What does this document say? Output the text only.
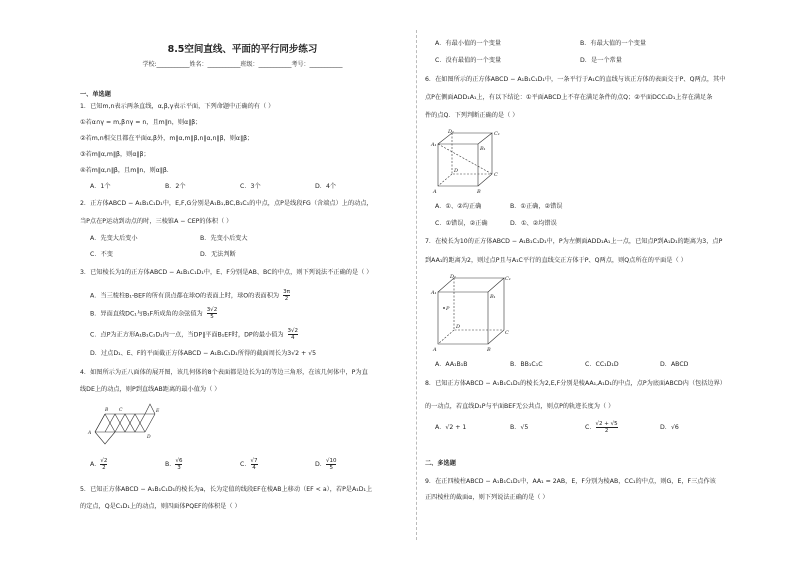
8.5空间直线、平面的平行同步练习
学校:___________姓名：___________班级：___________考号：___________
一、单选题
1．已知m,n表示两条直线，α,β,γ表示平面，下列命题中正确的有（ ）
①若α∩γ = m,β∩γ = n，且m∥n，则α∥β；
②若m,n相交且都在平面α,β外，m∥α,m∥β,n∥α,n∥β，则α∥β；
③若m∥α,m∥β，则α∥β；
④若m∥α,n∥β，且m∥n，则α∥β．
A．1个	B．2个	C．3个	D．4个
2．正方体ABCD − A₁B₁C₁D₁中，E,F,G分别是A₁B₁,BC,B₁C₁的中点，点P是线段FG（含端点）上的动点，
当P点在P运动到动点的时，三棱锥A − CEP的体积（ ）
A．先变大后变小	B．先变小后变大
C．不变	D．无法判断
3．已知棱长为1的正方体ABCD − A₁B₁C₁D₁中，E、F分别是AB、BC的中点，则下列说法不正确的是（ ）
A．当三棱柱B₁-BEF的所有顶点都在球O的表面上时，球O的表面积为 $\frac{3\pi}{2}$
B．异面直线DC₁与B₁F所成角的余弦值为 $\frac{3√2}{5}$
C．点P为正方形A₁B₁C₁D₁内一点，当DP∥平面B₁EF时，DP的最小值为 $\frac{3√2}{4}$
D．过点D₁、E、F的平面截正方体ABCD − A₁B₁C₁D₁所得的截面周长为3√2 + √5
4．如图所示为正八面体的展开图，该几何体的8个表面都是边长为1的等边三角形，在该几何体中，P为直
线DE上的动点，则P到直线AB距离的最小值为（ ）
A
B C
D
E
A． $\frac{√2}{2}$	B． $\frac{√6}{3}$	C． $\frac{√7}{4}$	D． $\frac{√10}{5}$
5．已知正方体ABCD − A₁B₁C₁D₁的棱长为a，长为定值的线段EF在棱AB上移动（EF < a），若P是A₁D₁上
的定点，Q是C₁D₁上的动点，则四面体PQEF的体积是（ ）
A．有最小值的一个变量	B．有最大值的一个变量
C．没有最值的一个变量	D．是一个常量
6．在如图所示的正方体ABCD − A₁B₁C₁D₁中，一条平行于A₁C的直线与该正方体的表面交于P、Q两点，其中
点P在侧面ADD₁A₁上，有以下结论：①平面ABCD上不存在满足条件的点Q；②平面DCC₁D₁上存在满足条
件的点Q．下列判断正确的是（ ）
A₁
B₁
D₁	C₁
A	B
D
C
A．①、②均正确	B．①正确，②错误
C．①错误，②正确	D．①、②均错误
7．在棱长为10的正方体ABCD − A₁B₁C₁D₁中，P为左侧面ADD₁A₁上一点，已知点P到A₁D₁的距离为3，点P
到AA₁的距离为2，则过点P且与A₁C平行的直线交正方体于P、Q两点，则Q点所在的平面是（ ）
A₁
B₁
D₁	C₁
A	B
D
C
P
A．AA₁B₁B	B．BB₁C₁C	C．CC₁D₁D	D．ABCD
8．已知正方体ABCD − A₁B₁C₁D₁的棱长为2,E,F分别是棱AA₁,A₁D₁的中点，点P为底面ABCD内（包括边界）
的一动点，若直线D₁P与平面BEF无公共点，则点P的轨迹长度为（ ）
A．√2 + 1	B．√5	C． $\frac{√2 + √5}{2}$	D．√6
二、多选题
9．在正四棱柱ABCD − A₁B₁C₁D₁中，AA₁ = 2AB，E，F分别为棱AB，CC₁的中点，则G，E，F三点作该
正四棱柱的截面α，则下列说法正确的是（ ）
